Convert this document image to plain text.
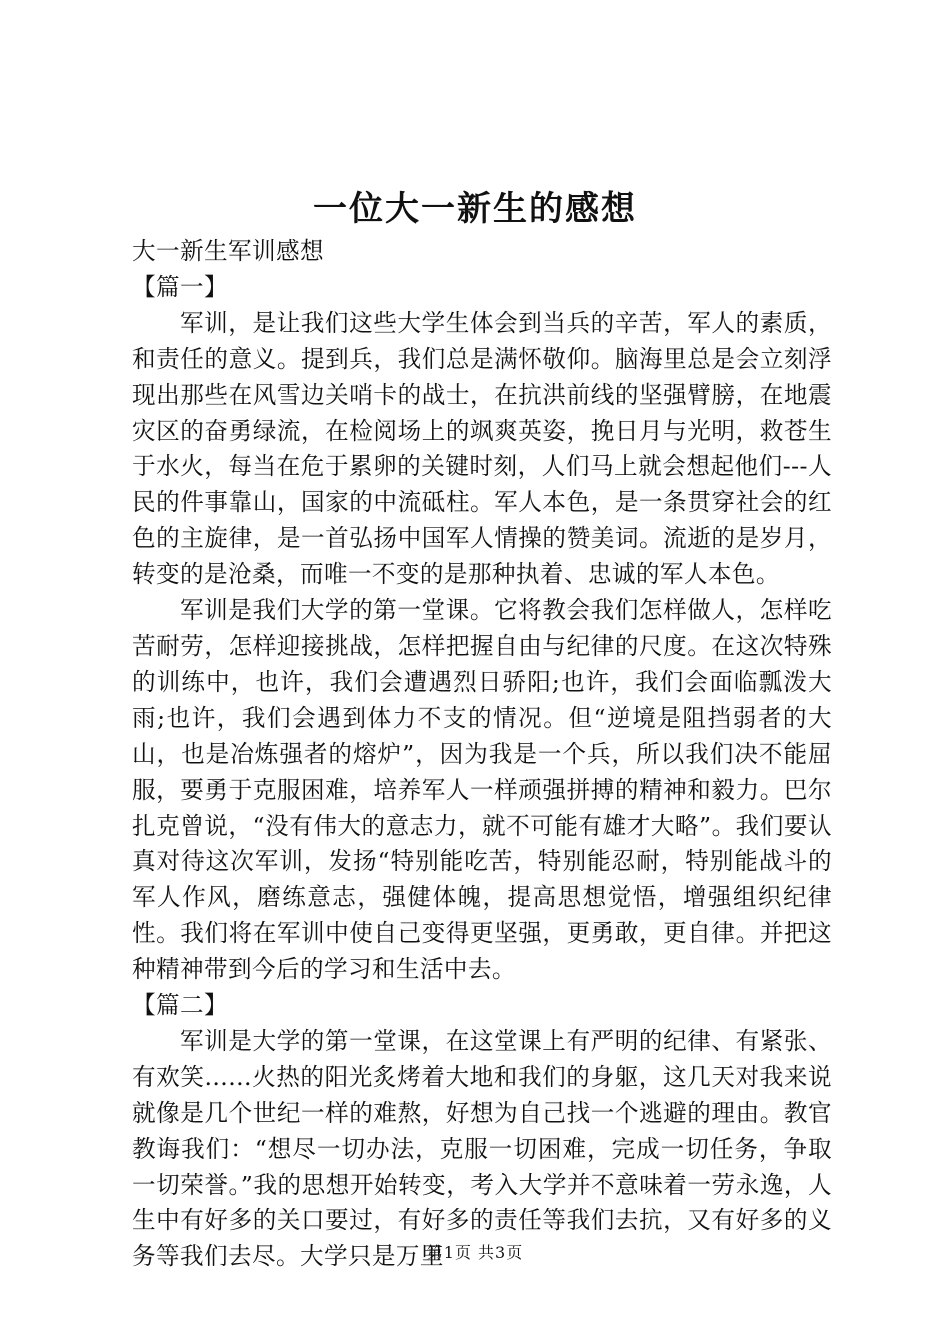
一位大一新生的感想

大一新生军训感想

【篇一】

军训，是让我们这些大学生体会到当兵的辛苦，军人的素质，和责任的意义。提到兵，我们总是满怀敬仰。脑海里总是会立刻浮现出那些在风雪边关哨卡的战士，在抗洪前线的坚强臂膀，在地震灾区的奋勇绿流，在检阅场上的飒爽英姿，挽日月与光明，救苍生于水火，每当在危于累卵的关键时刻，人们马上就会想起他们---人民的件事靠山，国家的中流砥柱。军人本色，是一条贯穿社会的红色的主旋律，是一首弘扬中国军人情操的赞美词。流逝的是岁月，转变的是沧桑，而唯一不变的是那种执着、忠诚的军人本色。

军训是我们大学的第一堂课。它将教会我们怎样做人，怎样吃苦耐劳，怎样迎接挑战，怎样把握自由与纪律的尺度。在这次特殊的训练中，也许，我们会遭遇烈日骄阳;也许，我们会面临瓢泼大雨;也许，我们会遇到体力不支的情况。但“逆境是阻挡弱者的大山，也是冶炼强者的熔炉”，因为我是一个兵，所以我们决不能屈服，要勇于克服困难，培养军人一样顽强拼搏的精神和毅力。巴尔扎克曾说，“没有伟大的意志力，就不可能有雄才大略”。我们要认真对待这次军训，发扬“特别能吃苦，特别能忍耐，特别能战斗的军人作风，磨练意志，强健体魄，提高思想觉悟，增强组织纪律性。我们将在军训中使自己变得更坚强，更勇敢，更自律。并把这种精神带到今后的学习和生活中去。

【篇二】

军训是大学的第一堂课，在这堂课上有严明的纪律、有紧张、有欢笑......火热的阳光炙烤着大地和我们的身躯，这几天对我来说就像是几个世纪一样的难熬，好想为自己找一个逃避的理由。教官教诲我们：“想尽一切办法，克服一切困难，完成一切任务，争取一切荣誉。”我的思想开始转变，考入大学并不意味着一劳永逸，人生中有好多的关口要过，有好多的责任等我们去抗，又有好多的义务等我们去尽。大学只是万里

第1页 共3页
